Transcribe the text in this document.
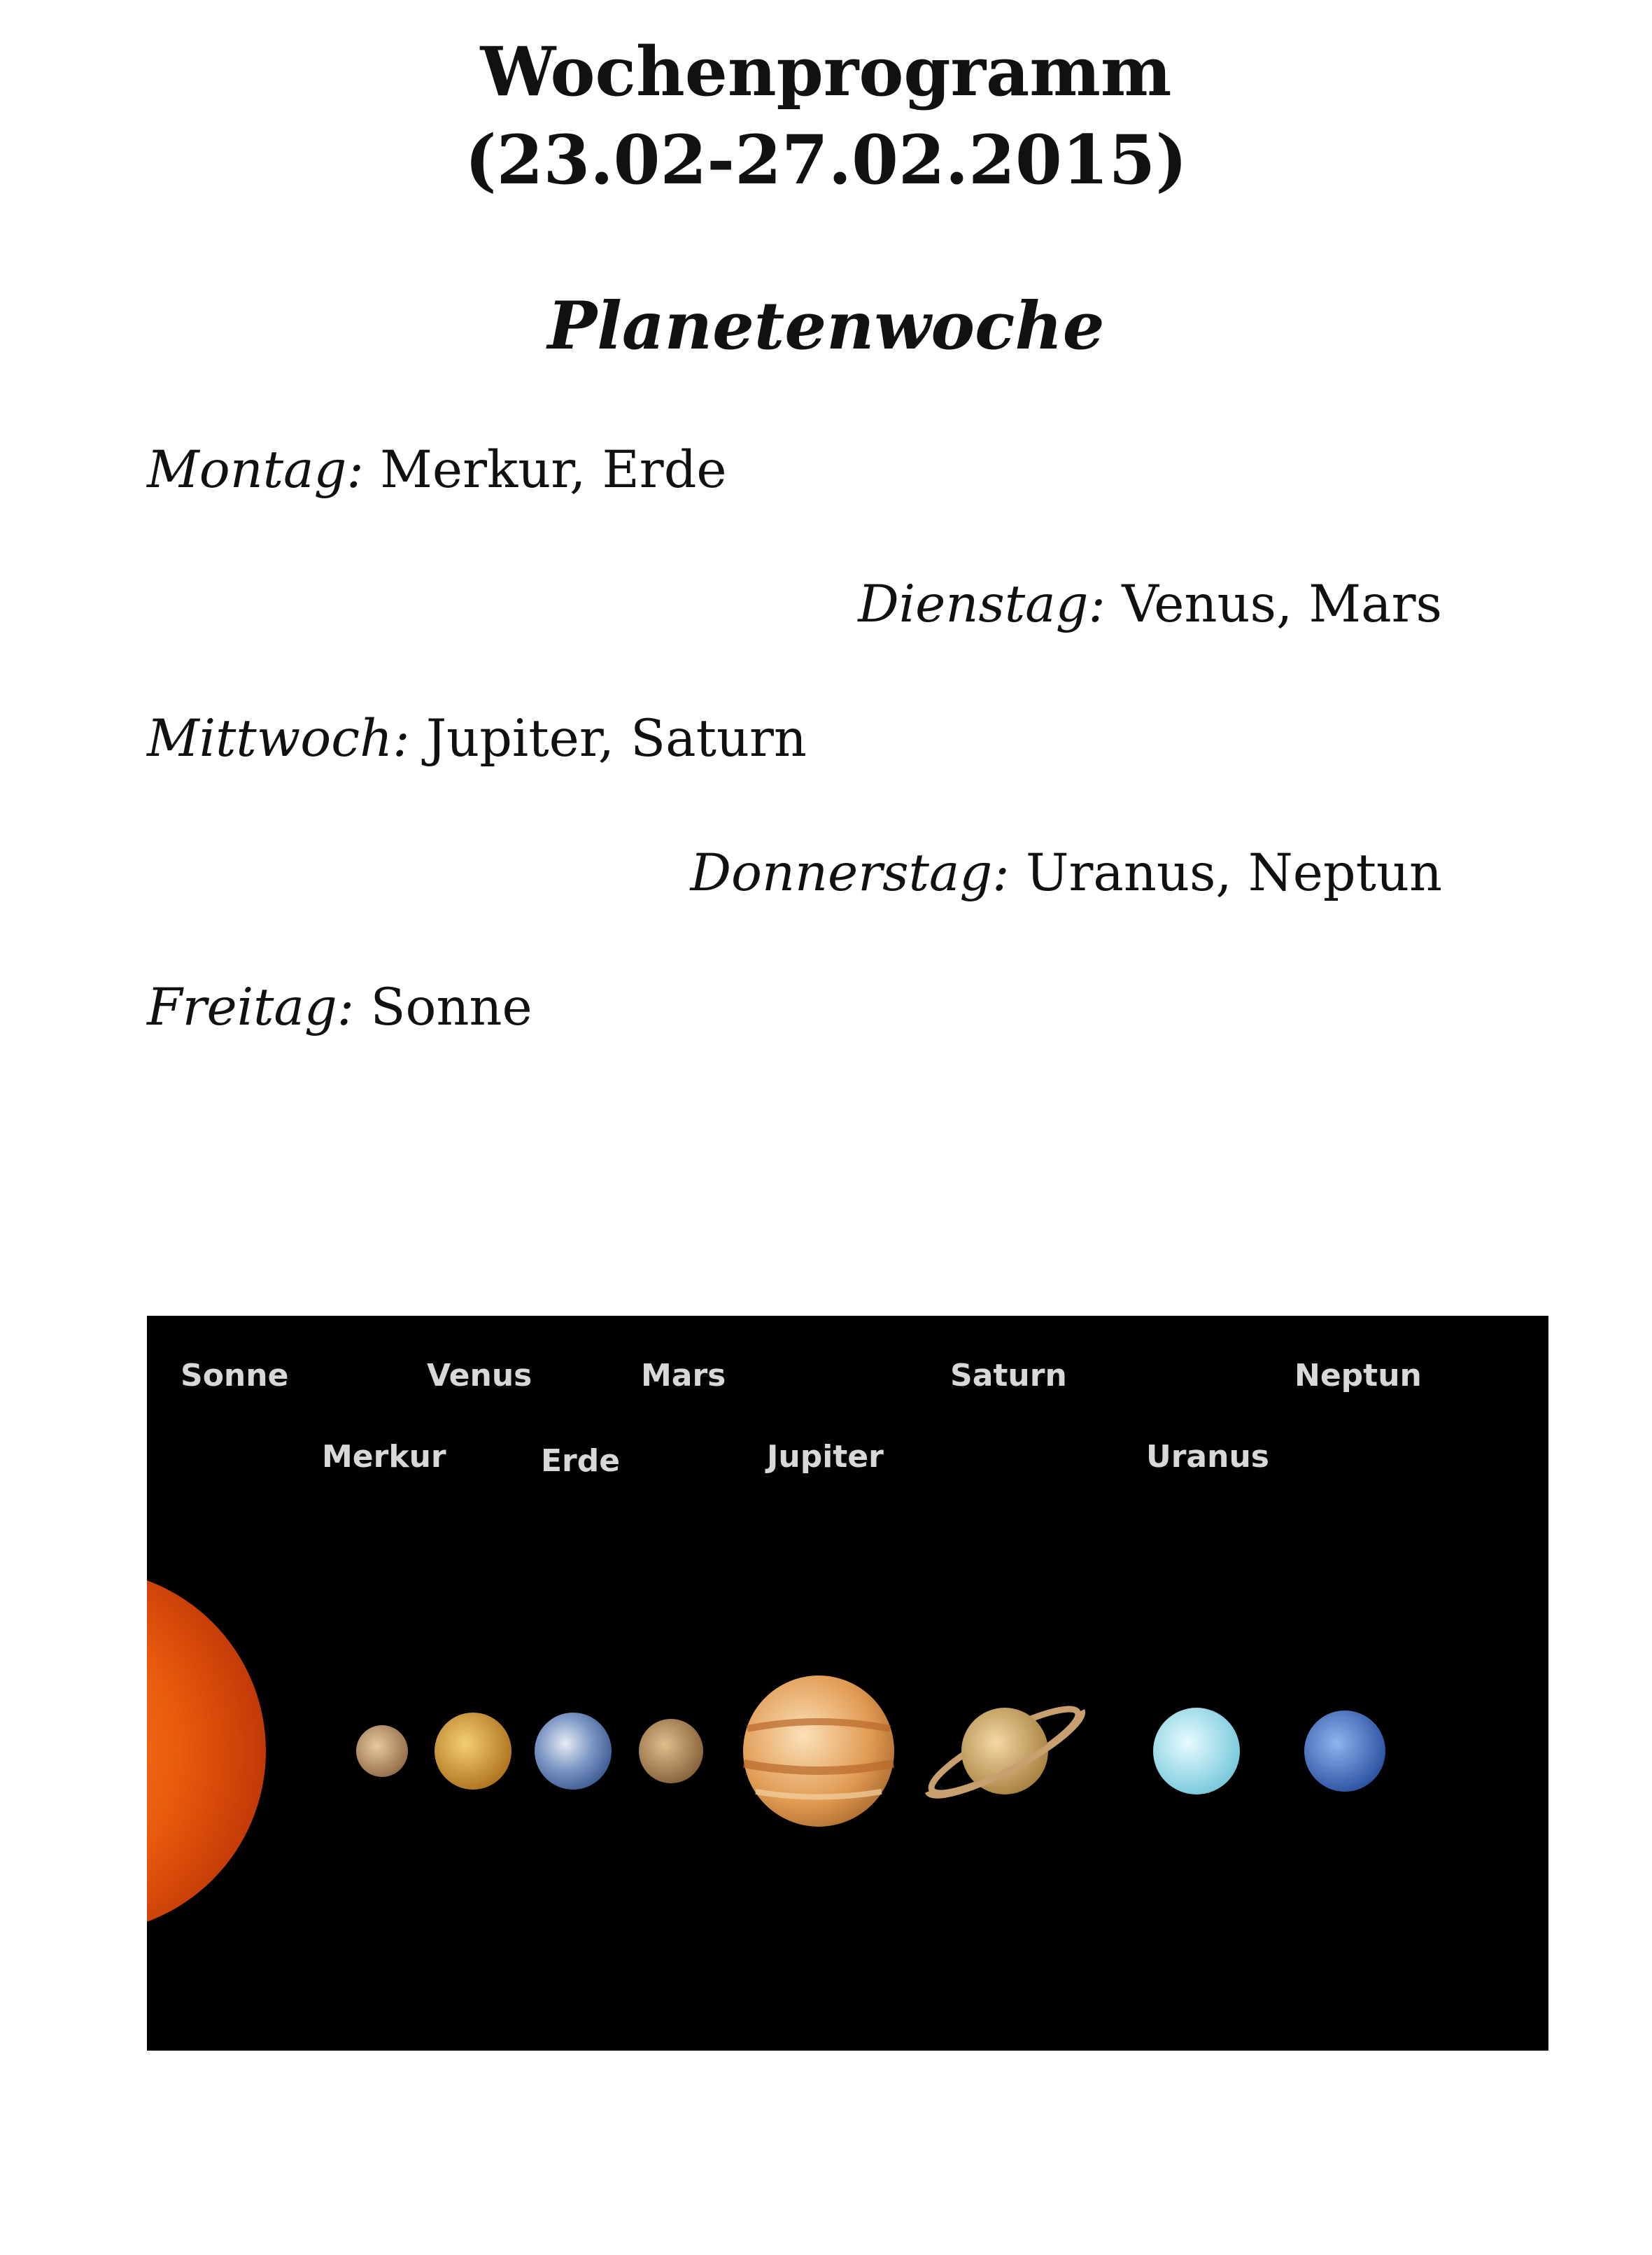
Wochenprogramm
(23.02-27.02.2015)
Planetenwoche
Montag: Merkur, Erde
Dienstag: Venus, Mars
Mittwoch: Jupiter, Saturn
Donnerstag: Uranus, Neptun
Freitag: Sonne
Sonne	Venus	Mars	Saturn	Neptun
Merkur	Erde	Jupiter	Uranus
